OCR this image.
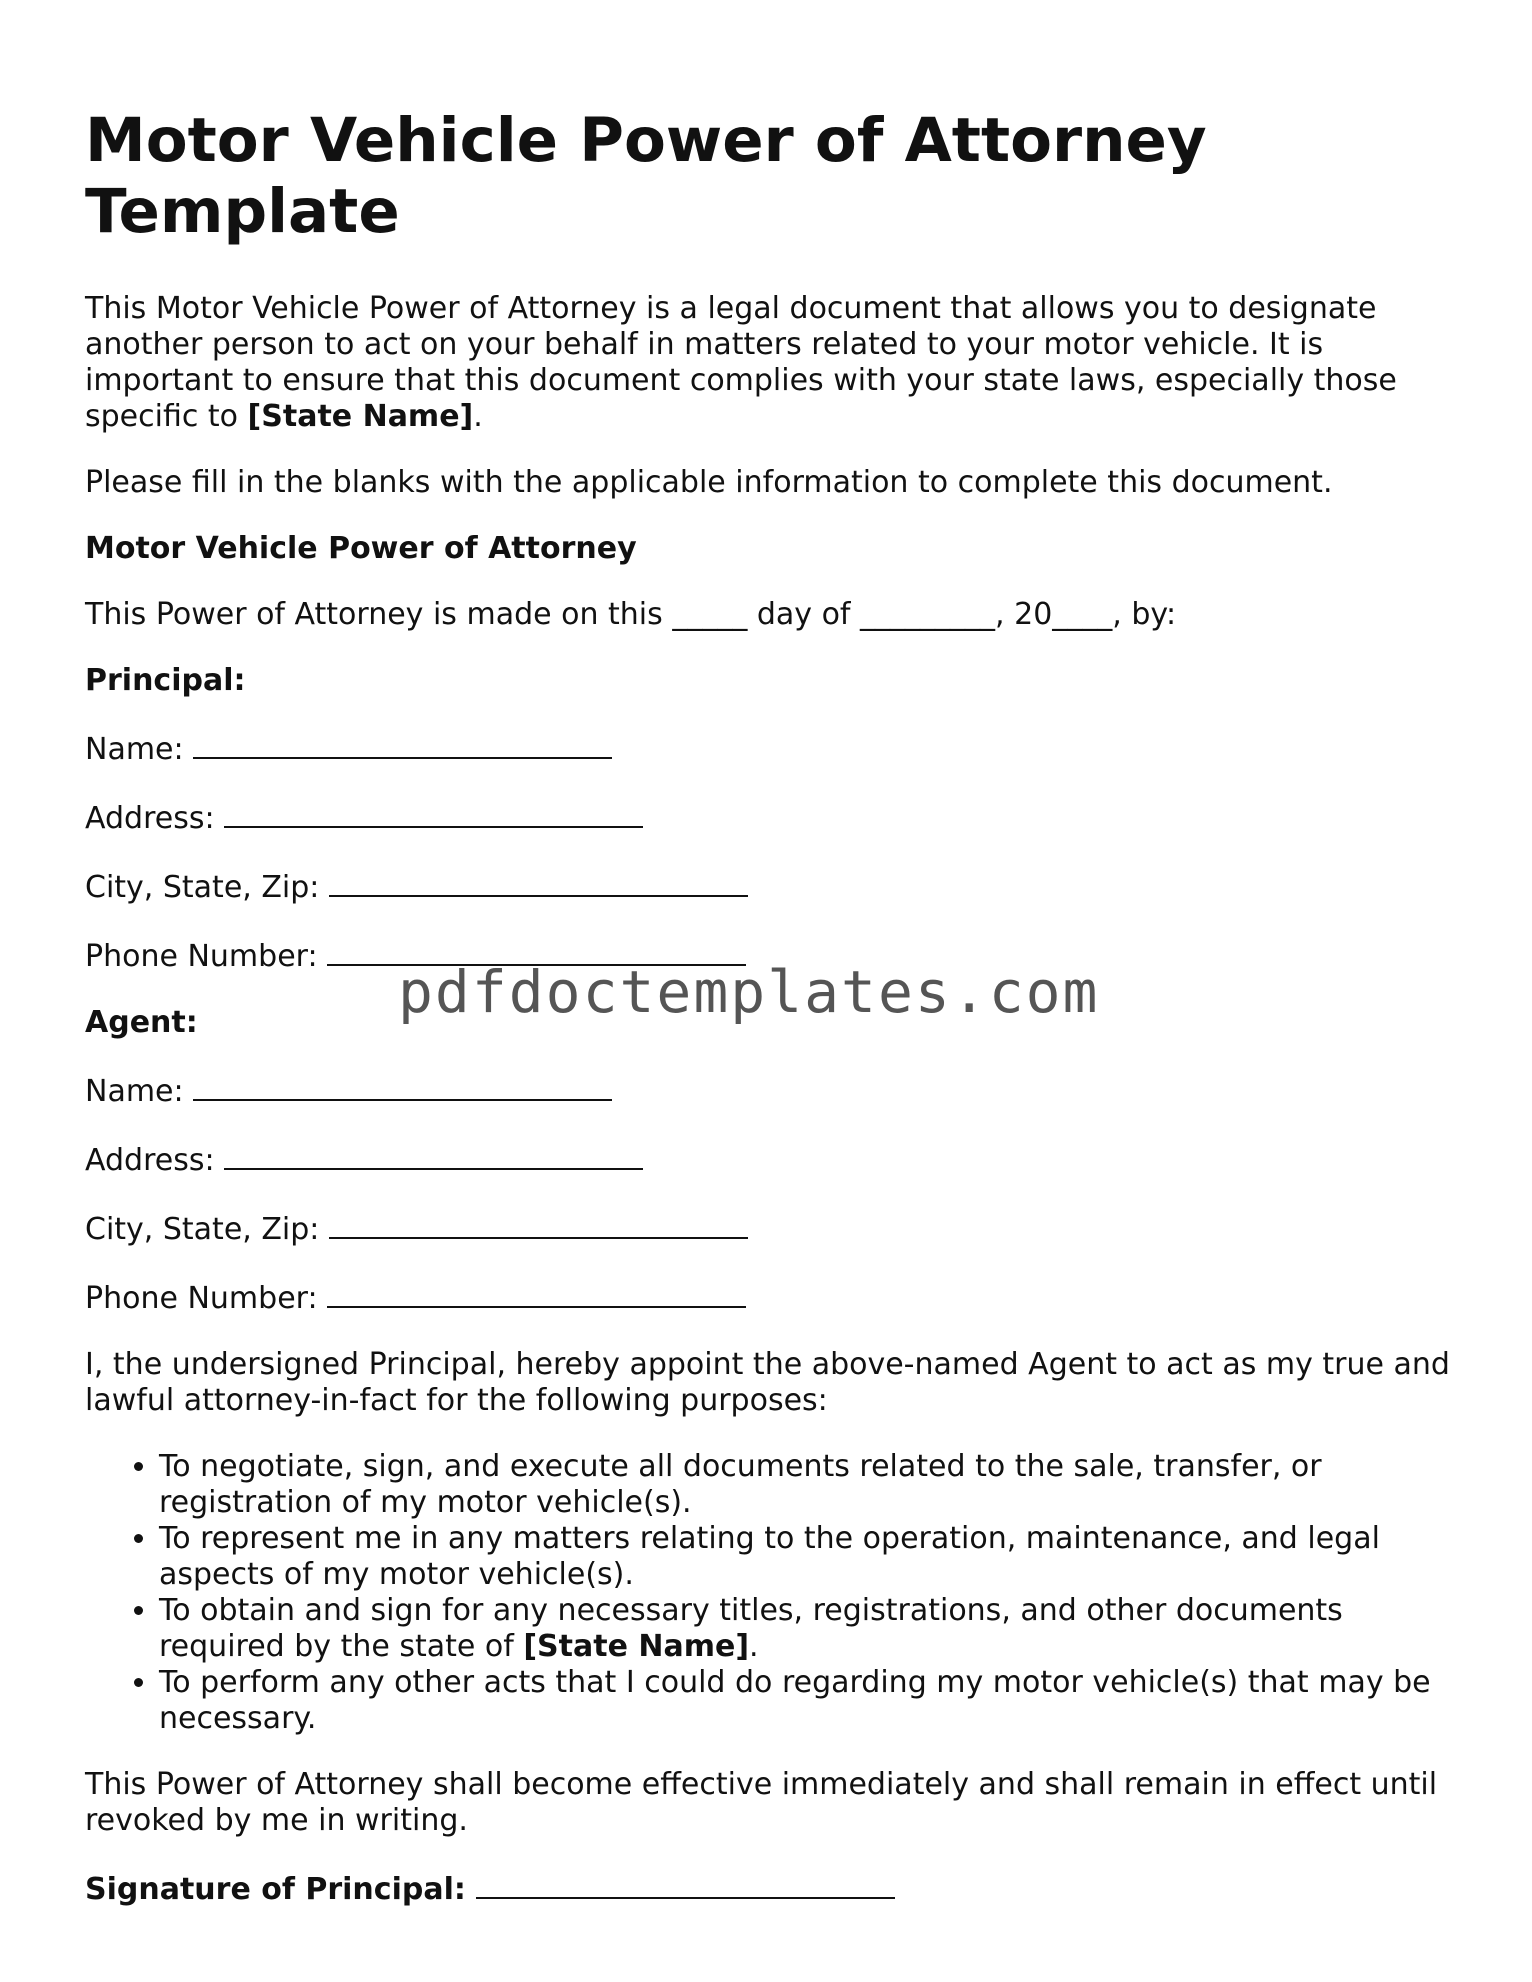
Motor Vehicle Power of Attorney Template

This Motor Vehicle Power of Attorney is a legal document that allows you to designate another person to act on your behalf in matters related to your motor vehicle. It is important to ensure that this document complies with your state laws, especially those specific to [State Name].

Please fill in the blanks with the applicable information to complete this document.

Motor Vehicle Power of Attorney

This Power of Attorney is made on this _____ day of _________, 20____, by:

Principal:

Name:

Address:

City, State, Zip:

Phone Number:

Agent:

Name:

Address:

City, State, Zip:

Phone Number:

I, the undersigned Principal, hereby appoint the above-named Agent to act as my true and lawful attorney-in-fact for the following purposes:

• To negotiate, sign, and execute all documents related to the sale, transfer, or registration of my motor vehicle(s).
• To represent me in any matters relating to the operation, maintenance, and legal aspects of my motor vehicle(s).
• To obtain and sign for any necessary titles, registrations, and other documents required by the state of [State Name].
• To perform any other acts that I could do regarding my motor vehicle(s) that may be necessary.

This Power of Attorney shall become effective immediately and shall remain in effect until revoked by me in writing.

Signature of Principal:

pdfdoctemplates.com
